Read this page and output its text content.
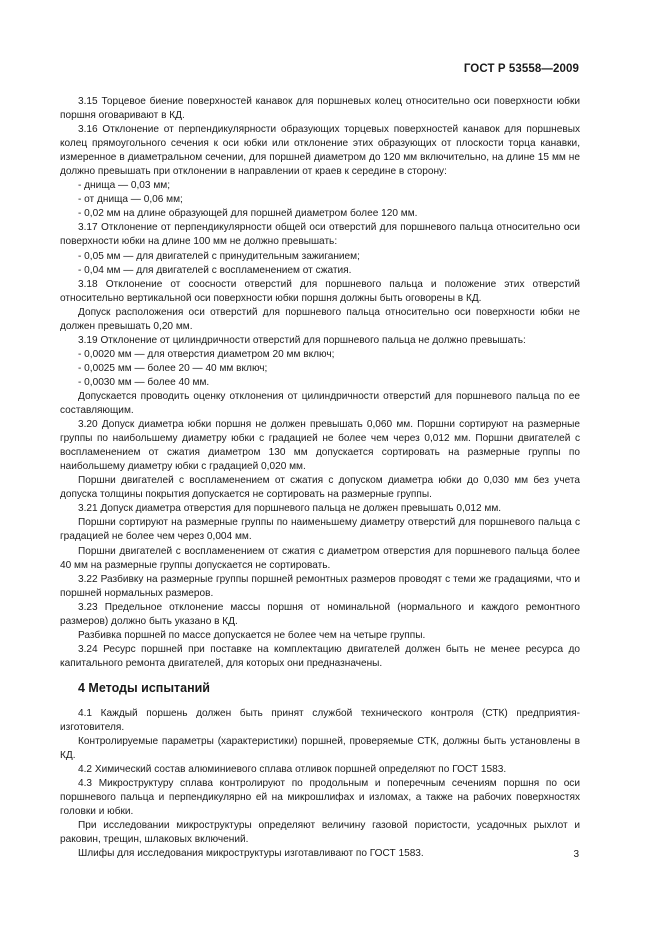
ГОСТ Р 53558—2009

3.15 Торцевое биение поверхностей канавок для поршневых колец относительно оси поверхности юбки поршня оговаривают в КД.

3.16 Отклонение от перпендикулярности образующих торцевых поверхностей канавок для поршневых колец прямоугольного сечения к оси юбки или отклонение этих образующих от плоскости торца канавки, измеренное в диаметральном сечении, для поршней диаметром до 120 мм включительно, на длине 15 мм не должно превышать при отклонении в направлении от краев к середине в сторону:

- днища — 0,03 мм;

- от днища — 0,06 мм;

- 0,02 мм на длине образующей для поршней диаметром более 120 мм.

3.17 Отклонение от перпендикулярности общей оси отверстий для поршневого пальца относительно оси поверхности юбки на длине 100 мм не должно превышать:

- 0,05 мм — для двигателей с принудительным зажиганием;

- 0,04 мм — для двигателей с воспламенением от сжатия.

3.18 Отклонение от соосности отверстий для поршневого пальца и положение этих отверстий относительно вертикальной оси поверхности юбки поршня должны быть оговорены в КД.

Допуск расположения оси отверстий для поршневого пальца относительно оси поверхности юбки не должен превышать 0,20 мм.

3.19 Отклонение от цилиндричности отверстий для поршневого пальца не должно превышать:

- 0,0020 мм — для отверстия диаметром 20 мм включ;

- 0,0025 мм — более 20 — 40 мм включ;

- 0,0030 мм — более 40 мм.

Допускается проводить оценку отклонения от цилиндричности отверстий для поршневого пальца по ее составляющим.

3.20 Допуск диаметра юбки поршня не должен превышать 0,060 мм. Поршни сортируют на размерные группы по наибольшему диаметру юбки с градацией не более чем через 0,012 мм. Поршни двигателей с воспламенением от сжатия диаметром 130 мм допускается сортировать на размерные группы по наибольшему диаметру юбки с градацией 0,020 мм.

Поршни двигателей с воспламенением от сжатия с допуском диаметра юбки до 0,030 мм без учета допуска толщины покрытия допускается не сортировать на размерные группы.

3.21 Допуск диаметра отверстия для поршневого пальца не должен превышать 0,012 мм.

Поршни сортируют на размерные группы по наименьшему диаметру отверстий для поршневого пальца с градацией не более чем через 0,004 мм.

Поршни двигателей с воспламенением от сжатия с диаметром отверстия для поршневого пальца более 40 мм на размерные группы допускается не сортировать.

3.22 Разбивку на размерные группы поршней ремонтных размеров проводят с теми же градациями, что и поршней нормальных размеров.

3.23 Предельное отклонение массы поршня от номинальной (нормального и каждого ремонтного размеров) должно быть указано в КД.

Разбивка поршней по массе допускается не более чем на четыре группы.

3.24 Ресурс поршней при поставке на комплектацию двигателей должен быть не менее ресурса до капитального ремонта двигателей, для которых они предназначены.

4 Методы испытаний

4.1 Каждый поршень должен быть принят службой технического контроля (СТК) предприятия-изготовителя.

Контролируемые параметры (характеристики) поршней, проверяемые СТК, должны быть установлены в КД.

4.2 Химический состав алюминиевого сплава отливок поршней определяют по ГОСТ 1583.

4.3 Микроструктуру сплава контролируют по продольным и поперечным сечениям поршня по оси поршневого пальца и перпендикулярно ей на микрошлифах и изломах, а также на рабочих поверхностях головки и юбки.

При исследовании микроструктуры определяют величину газовой пористости, усадочных рыхлот и раковин, трещин, шлаковых включений.

Шлифы для исследования микроструктуры изготавливают по ГОСТ 1583.	3
